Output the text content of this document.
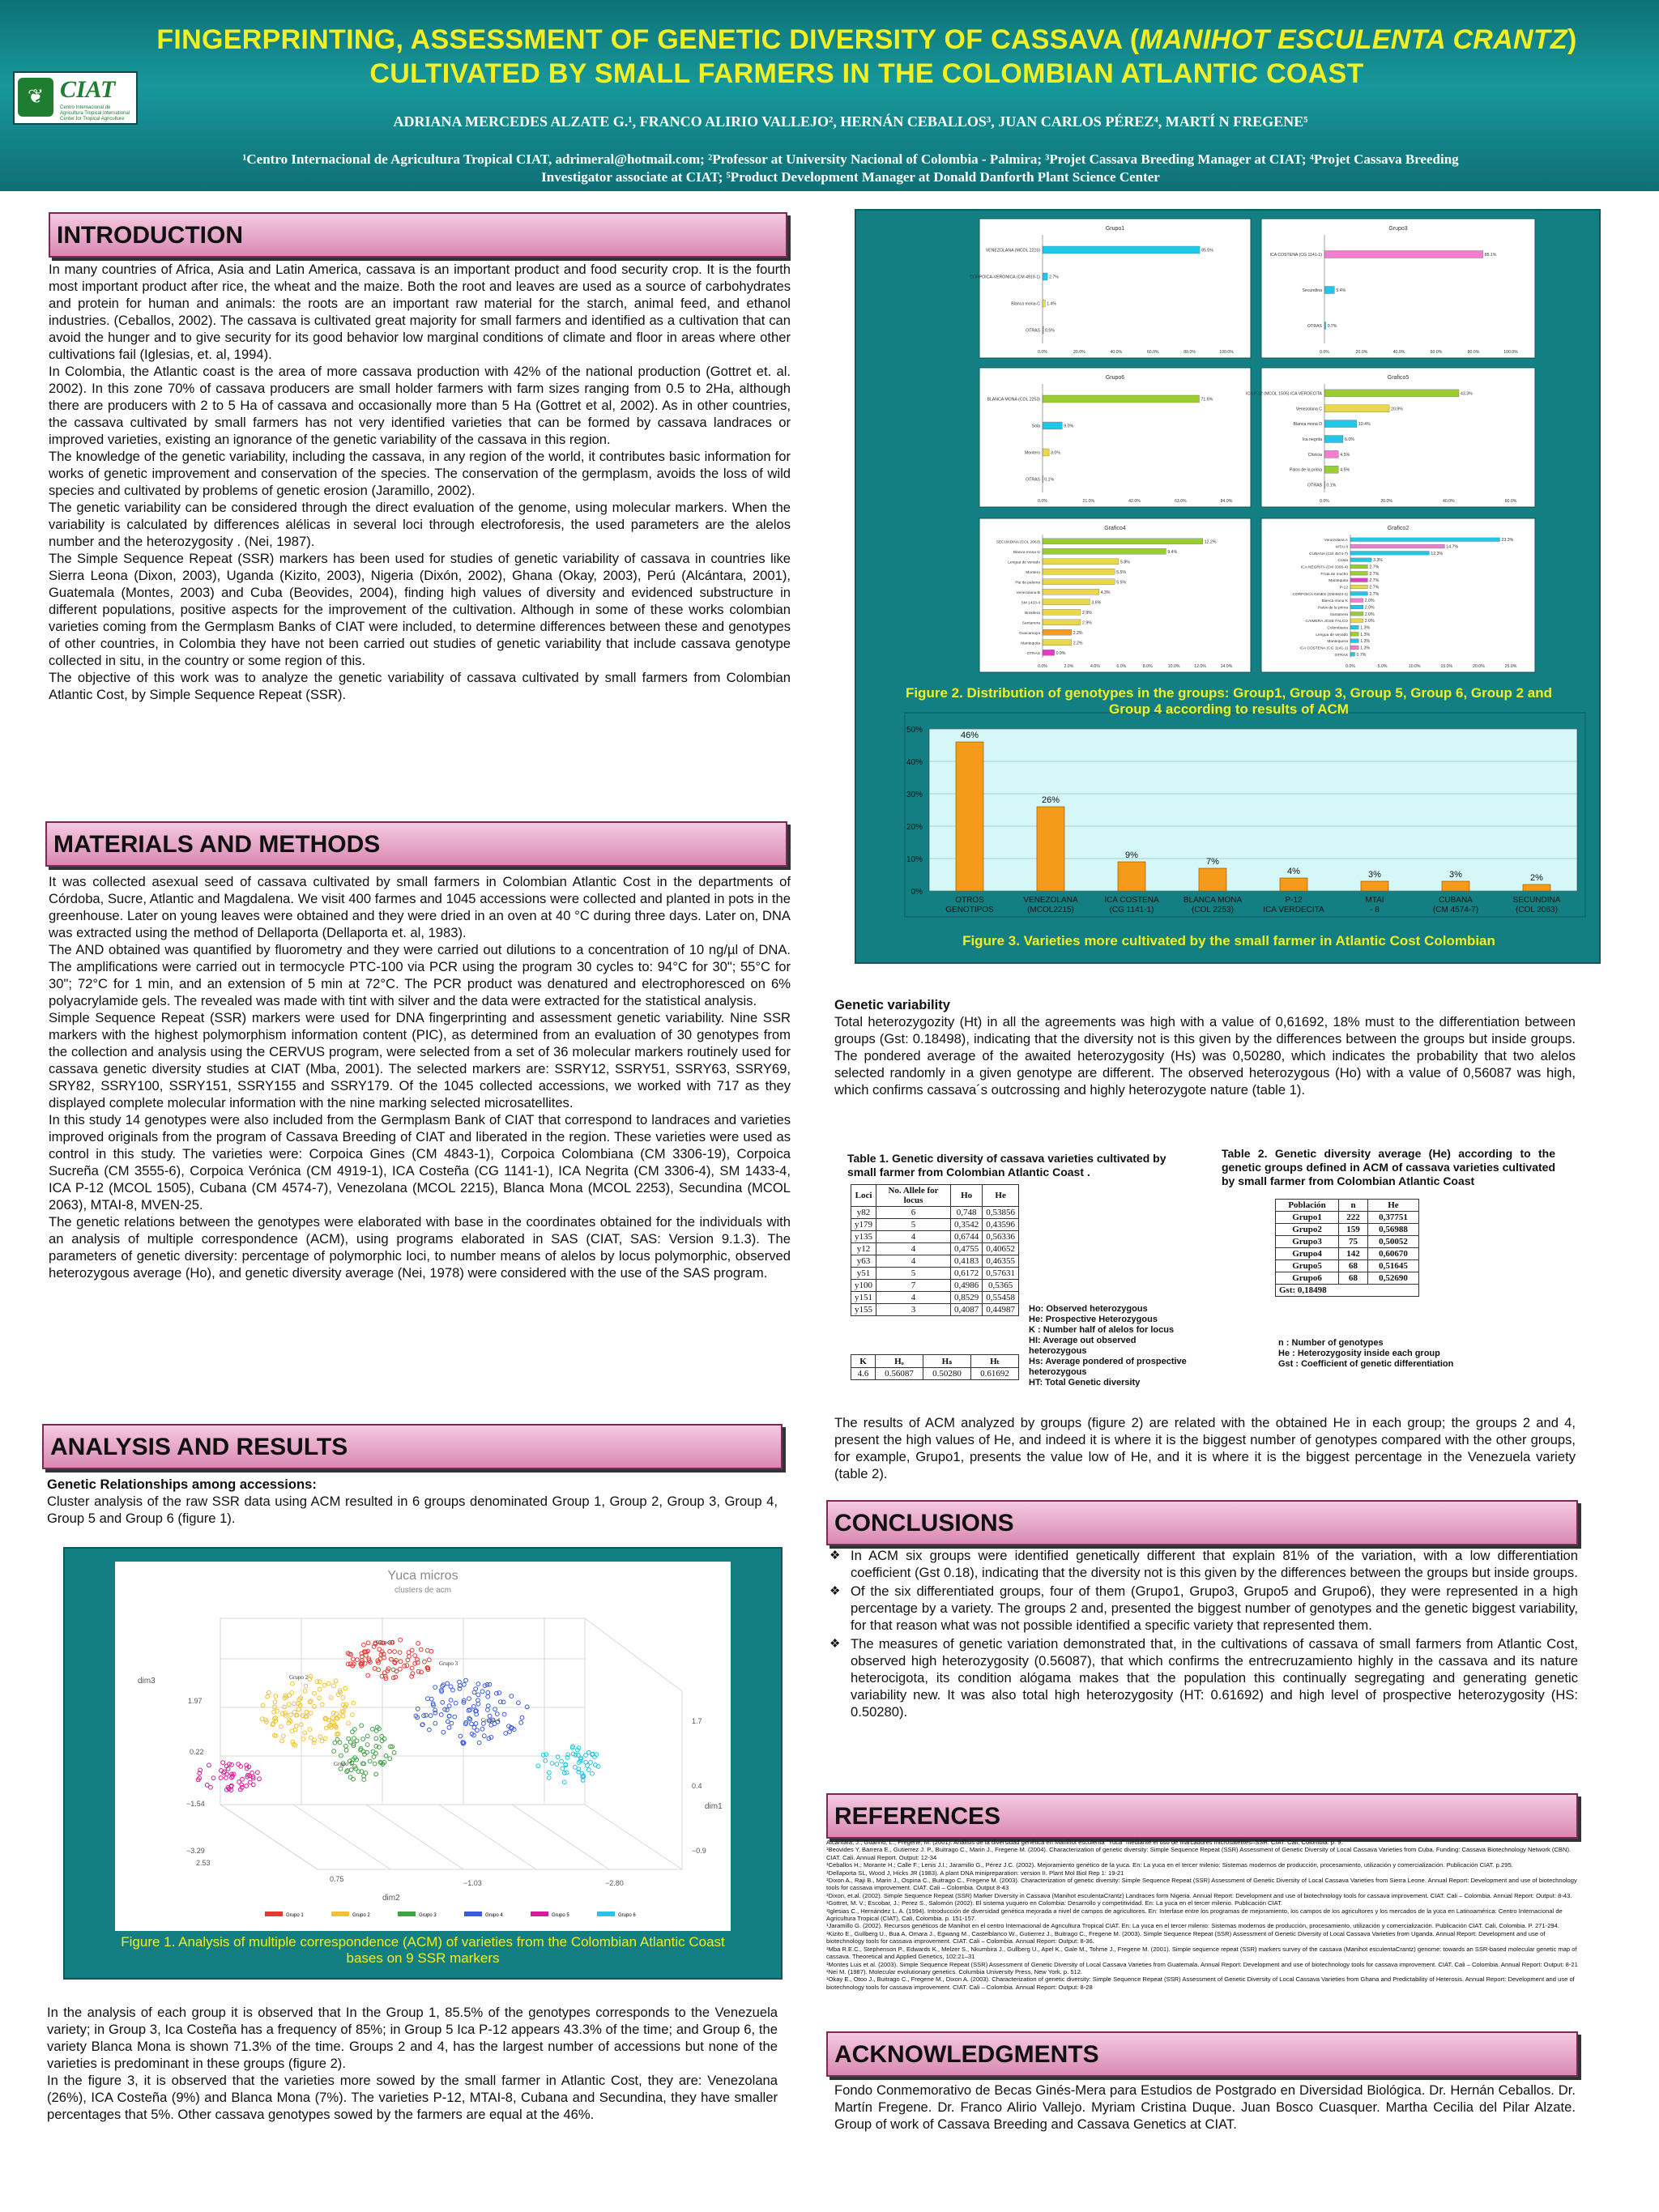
FINGERPRINTING, ASSESSMENT OF GENETIC DIVERSITY OF CASSAVA (MANIHOT ESCULENTA CRANTZ)
CULTIVATED BY SMALL FARMERS IN THE COLOMBIAN ATLANTIC COAST
❦ CIAT
Centro Internacional de Agricultura Tropical International Center for Tropical Agriculture	ADRIANA MERCEDES ALZATE G.¹, FRANCO ALIRIO VALLEJO², HERNÁN CEBALLOS³, JUAN CARLOS PÉREZ⁴, MARTÍ N FREGENE⁵
¹Centro Internacional de Agricultura Tropical CIAT, adrimeral@hotmail.com; ²Professor at University Nacional of Colombia - Palmira; ³Projet Cassava Breeding Manager at CIAT; ⁴Projet Cassava Breeding
Investigator associate at CIAT; ⁵Product Development Manager at Donald Danforth Plant Science Center
INTRODUCTION

In many countries of Africa, Asia and Latin America, cassava is an important product and food security crop. It is the fourth most important product after rice, the wheat and the maize. Both the root and leaves are used as a source of carbohydrates and protein for human and animals: the roots are an important raw material for the starch, animal feed, and ethanol industries. (Ceballos, 2002). The cassava is cultivated great majority for small farmers and identified as a cultivation that can avoid the hunger and to give security for its good behavior low marginal conditions of climate and floor in areas where other cultivations fail (Iglesias, et. al, 1994).

In Colombia, the Atlantic coast is the area of more cassava production with 42% of the national production (Gottret et. al. 2002). In this zone 70% of cassava producers are small holder farmers with farm sizes ranging from 0.5 to 2Ha, although there are producers with 2 to 5 Ha of cassava and occasionally more than 5 Ha (Gottret et al, 2002). As in other countries, the cassava cultivated by small farmers has not very identified varieties that can be formed by cassava landraces or improved varieties, existing an ignorance of the genetic variability of the cassava in this region.

The knowledge of the genetic variability, including the cassava, in any region of the world, it contributes basic information for works of genetic improvement and conservation of the species. The conservation of the germplasm, avoids the loss of wild species and cultivated by problems of genetic erosion (Jaramillo, 2002).

The genetic variability can be considered through the direct evaluation of the genome, using molecular markers. When the variability is calculated by differences alélicas in several loci through electroforesis, the used parameters are the alelos number and the heterozygosity . (Nei, 1987).

The Simple Sequence Repeat (SSR) markers has been used for studies of genetic variability of cassava in countries like Sierra Leona (Dixon, 2003), Uganda (Kizito, 2003), Nigeria (Dixón, 2002), Ghana (Okay, 2003), Perú (Alcántara, 2001), Guatemala (Montes, 2003) and Cuba (Beovides, 2004), finding high values of diversity and evidenced substructure in different populations, positive aspects for the improvement of the cultivation. Although in some of these works colombian varieties coming from the Germplasm Banks of CIAT were included, to determine differences between these and genotypes of other countries, in Colombia they have not been carried out studies of genetic variability that include cassava genotype collected in situ, in the country or some region of this.

The objective of this work was to analyze the genetic variability of cassava cultivated by small farmers from Colombian Atlantic Cost, by Simple Sequence Repeat (SSR).

MATERIALS AND METHODS

It was collected asexual seed of cassava cultivated by small farmers in Colombian Atlantic Cost in the departments of Córdoba, Sucre, Atlantic and Magdalena. We visit 400 farmes and 1045 accessions were collected and planted in pots in the greenhouse. Later on young leaves were obtained and they were dried in an oven at 40 °C during three days. Later on, DNA was extracted using the method of Dellaporta (Dellaporta et. al, 1983).

The AND obtained was quantified by fluorometry and they were carried out dilutions to a concentration of 10 ng/µl of DNA. The amplifications were carried out in termocycle PTC-100 via PCR using the program 30 cycles to: 94°C for 30"; 55°C for 30"; 72°C for 1 min, and an extension of 5 min at 72°C. The PCR product was denatured and electrophoresced on 6% polyacrylamide gels. The revealed was made with tint with silver and the data were extracted for the statistical analysis.

Simple Sequence Repeat (SSR) markers were used for DNA fingerprinting and assessment genetic variability. Nine SSR markers with the highest polymorphism information content (PIC), as determined from an evaluation of 30 genotypes from the collection and analysis using the CERVUS program, were selected from a set of 36 molecular markers routinely used for cassava genetic diversity studies at CIAT (Mba, 2001). The selected markers are: SSRY12, SSRY51, SSRY63, SSRY69, SRY82, SSRY100, SSRY151, SSRY155 and SSRY179. Of the 1045 collected accessions, we worked with 717 as they displayed complete molecular information with the nine marking selected microsatellites.

In this study 14 genotypes were also included from the Germplasm Bank of CIAT that correspond to landraces and varieties improved originals from the program of Cassava Breeding of CIAT and liberated in the region. These varieties were used as control in this study. The varieties were: Corpoica Gines (CM 4843-1), Corpoica Colombiana (CM 3306-19), Corpoica Sucreña (CM 3555-6), Corpoica Verónica (CM 4919-1), ICA Costeña (CG 1141-1), ICA Negrita (CM 3306-4), SM 1433-4, ICA P-12 (MCOL 1505), Cubana (CM 4574-7), Venezolana (MCOL 2215), Blanca Mona (MCOL 2253), Secundina (MCOL 2063), MTAI-8, MVEN-25.

The genetic relations between the genotypes were elaborated with base in the coordinates obtained for the individuals with an analysis of multiple correspondence (ACM), using programs elaborated in SAS (CIAT, SAS: Version 9.1.3). The parameters of genetic diversity: percentage of polymorphic loci, to number means of alelos by locus polymorphic, observed heterozygous average (Ho), and genetic diversity average (Nei, 1978) were considered with the use of the SAS program.

ANALYSIS AND RESULTS

Genetic Relationships among accessions:

Cluster analysis of the raw SSR data using ACM resulted in 6 groups denominated Group 1, Group 2, Group 3, Group 4, Group 5 and Group 6 (figure 1).

Yuca micros
clusters de acm
dim3
dim2
dim1
1.97
0.22
−1.54
−3.29
2.53
0.75	−1.03	−2.80
1.7
0.4
−0.9
Grupo 1
Grupo 2
Grupo 3
Grupo 4
Grupo 5
Grupo 1	Grupo 2	Grupo 3	Grupo 4	Grupo 5	Grupo 6
Figure 1. Analysis of multiple correspondence (ACM) of varieties from the Colombian Atlantic Coast bases on 9 SSR markers

In the analysis of each group it is observed that In the Group 1, 85.5% of the genotypes corresponds to the Venezuela variety; in Group 3, Ica Costeña has a frequency of 85%; in Group 5 Ica P-12 appears 43.3% of the time; and Group 6, the variety Blanca Mona is shown 71.3% of the time. Groups 2 and 4, has the largest number of accessions but none of the varieties is predominant in these groups (figure 2).

In the figure 3, it is observed that the varieties more sowed by the small farmer in Atlantic Cost, they are: Venezolana (26%), ICA Costeña (9%) and Blanca Mona (7%). The varieties P-12, MTAI-8, Cubana and Secundina, they have smaller percentages that 5%. Other cassava genotypes sowed by the farmers are equal at the 46%.

Grupo1
VENEZOLANA (MCOL 2215)	85.5%
CORPOICA-VERONICA (CM 4919-1) 2.7%
Blanca mona-C 1.4%
OTRAS 0.5%
0.0%	20.0%	40.0%	60.0%	80.0%	100.0%
Grupo3
ICA COSTENA (CG 1141-1)	85.1%
Secundina	5.4%
OTRAS 0.7%
0.0%	20.0%	40.0%	60.0%	80.0%	100.0%
Grupo6
BLANCA MONA (COL 2253)	71.6%
Sola	9.0%
Montero	3.0%
OTRAS 0.1%
0.0%	21.0%	42.0%	63.0%	84.0%
Grafico5
ICA P-12 (MCOL 1505) ICA VERDECITA	43.3%
Venezolana C	20.9%
Blanca mona D	10.4%
Ica negrita	6.0%
Chiricia	4.5%
Palos de la prima	4.5%
OTRAS 0.1%
0.0%	20.0%	40.0%	60.0%
Grafico4
SECUNDINA (COL 2063)	12.2%
Blanca mona G	9.4%
Lengua de venado	5.8%
Montero	5.5%
Pie de paloma	5.5%
Venezolana B	4.3%
SM 1433-4	3.6%
Brasilera	2.9%
Santanera	2.9%
Guacamaya	2.2%
Mantequita	2.2%
OTRAS	0.9%
0.0%	2.0%	4.0%	6.0%	8.0%	10.0%	12.0%	14.0%
Grafico2
Venezolana A	23.3%
MTAI 8	14.7%
CUBANA (CM 4574-7)	12.3%
Costa	3.3%
ICA NEGRITA (CM 3306-4)	2.7%
Fruta de mucho	2.7%
Mantequita	2.7%
P-12	2.7%
CORPOICA GINES (CM4843-1)	2.7%
Blanca mona K	2.0%
Palos de la prima	2.0%
Santanera	2.0%
CAIMERA JOSE FALCO	2.0%
Colombiana	1.3%
Lengua de venado	1.3%
Mantequera	1.3%
ICA COSTENA (CG 1141-1)	1.3%
OTRAS 0.7%
0.0%	5.0%	10.0%	15.0%	20.0%	25.0%
0%
10%
20%
30%
40%
50%
46%
OTROS
GENOTIPOS
26%
VENEZOLANA
(MCOL2215)
9%
ICA COSTENA
(CG 1141-1)
7%
BLANCA MONA
(COL 2253)
4%
P-12
ICA VERDECITA
3%
MTAI
- 8
3%
CUBANA
(CM 4574-7)
2%
SECUNDINA
(COL 2063)
Figure 2. Distribution of genotypes in the groups: Group1, Group 3, Group 5, Group 6, Group 2 and Group 4 according to results of ACM
Figure 3. Varieties more cultivated by the small farmer in Atlantic Cost Colombian

Genetic variability

Total heterozygozity (Ht) in all the agreements was high with a value of 0,61692, 18% must to the differentiation between groups (Gst: 0.18498), indicating that the diversity not is this given by the differences between the groups but inside groups. The pondered average of the awaited heterozygosity (Hs) was 0,50280, which indicates the probability that two alelos selected randomly in a given genotype are different. The observed heterozygous (Ho) with a value of 0,56087 was high, which confirms cassava´s outcrossing and highly heterozygote nature (table 1).

Table 1. Genetic diversity of cassava varieties cultivated by small farmer from Colombian Atlantic Coast .
Loci	No. Allele for locus	Ho	He
y82	6	0,748	0,53856
y179	5	0,3542	0,43596
y135	4	0,6744	0,56336
y12	4	0,4755	0,40652
y63	4	0,4183	0,46355
y51	5	0,6172	0,57631
y100	7	0,4986	0,5365
y151	4	0,8529	0,55458
y155	3	0,4087	0,44987
K	Hₒ	Hₛ	Hₜ
4.6	0.56087	0.50280	0.61692
Ho: Observed heterozygous
He: Prospective Heterozygous
K : Number half of alelos for locus
HI: Average out observed heterozygous
Hs: Average pondered of prospective heterozygous
HT: Total Genetic diversity
Table 2. Genetic diversity average (He) according to the genetic groups defined in ACM of cassava varieties cultivated by small farmer from Colombian Atlantic Coast
Población	n	He
Grupo1	222	0,37751
Grupo2	159	0,56988
Grupo3	75	0,50052
Grupo4	142	0,60670
Grupo5	68	0,51645
Grupo6	68	0,52690
Gst: 0,18498		
n : Number of genotypes
He : Heterozygosity inside each group
Gst : Coefficient of genetic differentiation

The results of ACM analyzed by groups (figure 2) are related with the obtained He in each group; the groups 2 and 4, present the high values of He, and indeed it is where it is the biggest number of genotypes compared with the other groups, for example, Grupo1, presents the value low of He, and it is where it is the biggest percentage in the Venezuela variety (table 2).

CONCLUSIONS
❖ In ACM six groups were identified genetically different that explain 81% of the variation, with a low differentiation coefficient (Gst 0.18), indicating that the diversity not is this given by the differences between the groups but inside groups.
❖ Of the six differentiated groups, four of them (Grupo1, Grupo3, Grupo5 and Grupo6), they were represented in a high percentage by a variety. The groups 2 and, presented the biggest number of genotypes and the genetic biggest variability, for that reason what was not possible identified a specific variety that represented them.
❖ The measures of genetic variation demonstrated that, in the cultivations of cassava of small farmers from Atlantic Cost, observed high heterozygosity (0.56087), that which confirms the entrecruzamiento highly in the cassava and its nature heterocigota, its condition alógama makes that the population this continually segregating and generating genetic variability new. It was also total high heterozygosity (HT: 0.61692) and high level of prospective heterozygosity (HS: 0.50280).
REFERENCES

Alcántara, J., Guarino, L., Fregene, M. (2001). Análisis de la diversidad genética en Manihot esculenta "Yuca" mediante el uso de marcadores microsatélites–SSR. CIAT. Cali, Colombia. p. 9.

¹Beovides Y, Barrera E., Gutierrez J. P., Buitrago C., Marin J., Fregene M. (2004). Characterization of genetic diversity: Simple Sequence Repeat (SSR) Assessment of Genetic Diversity of Local Cassava Varieties from Cuba. Funding: Cassava Biotechnology Network (CBN). CIAT. Cali. Annual Report. Output: 12-34

¹Ceballos H.; Morante H.; Calle F.; Lenis J.I.; Jaramillo G., Pérez J.C. (2002). Mejoramiento genético de la yuca. En: La yuca en el tercer milenio: Sistemas modernos de producción, procesamiento, utilización y comercialización. Publicación CIAT. p.295.

¹Dellaporta SL, Wood J, Hicks JR (1983). A plant DNA minipreparation: version II. Plant Mol Biol Rep 1: 19-21

¹Dixon A., Raji B., Marin J., Ospina C., Buitrago C., Fregene M. (2003). Characterization of genetic diversity: Simple Sequence Repeat (SSR) Assessment of Genetic Diversity of Local Cassava Varieties from Sierra Leone. Annual Report: Development and use of biotechnology tools for cassava improvement. CIAT. Cali – Colombia. Output 8-43

¹Dixon, et.al. (2002). Simple Sequence Repeat (SSR) Marker Diversity in Cassava (Manihot esculentaCrantz) Landraces form Nigeria. Annual Report: Development and use of biotechnology tools for cassava improvement. CIAT. Cali – Colombia. Annual Report: Output: 8-43.

¹Gottret, M. V.; Escobar, J.; Perez S., Salomón (2002). El sistema yuquero en Colombia: Desarrollo y competitividad. En: La yuca en el tercer milenio. Publicación CIAT.

¹Iglesias C., Hernández L. A. (1994). Introducción de diversidad genética mejorada a nivel de campos de agricultores. En: Interfase entre los programas de mejoramiento, los campos de los agricultores y los mercados de la yuca en Latinoamérica: Centro Internacional de Agricultura Tropical (CIAT), Cali, Colombia. p. 151-157.

¹Jaramillo G. (2002). Recursos genéticos de Manihot en el centro Internacional de Agricultura Tropical CIAT. En: La yuca en el tercer milenio: Sistemas modernos de producción, procesamiento, utilización y comercialización. Publicación CIAT. Cali, Colombia. P. 271-294.

¹Kizito E., Gullberg U., Bua A, Omara J., Egwang M., Castelblanco W., Gutierrez J., Buitrago C., Fregene M. (2003). Simple Sequence Repeat (SSR) Assessment of Genetic Diversity of Local Cassava Varieties from Uganda. Annual Report: Development and use of biotechnology tools for cassava improvement. CIAT. Cali – Colombia. Annual Report: Output: 8-36.

¹Mba R.E.C., Stephenson P., Edwards K., Melzer S., Nkumbira J., Gullberg U., Apel K., Gale M., Tohme J., Fregene M. (2001). Simple sequence repeat (SSR) markers survey of the cassava (Manihot esculentaCrantz) genome: towards an SSR-based molecular genetic map of cassava. Theoretical and Applied Genetics, 102:21–31

¹Montes Luis et al. (2003). Simple Sequence Repeat (SSR) Assessment of Genetic Diversity of Local Cassava Varieties from Guatemala. Annual Report: Development and use of biotechnology tools for cassava improvement. CIAT. Cali – Colombia. Annual Report: Output: 8-21

¹Nei M. (1987). Molecular evolutionary genetics. Columbia University Press, New York. p. 512.

¹Okay E., Otoo J., Buitrago C., Fregene M., Dixon A. (2003). Characterization of genetic diversity: Simple Sequence Repeat (SSR) Assessment of Genetic Diversity of Local Cassava Varieties from Ghana and Predictability of Heterosis. Annual Report: Development and use of biotechnology tools for cassava improvement. CIAT. Cali – Colombia. Annual Report: Output: 8-28

ACKNOWLEDGMENTS
Fondo Conmemorativo de Becas Ginés-Mera para Estudios de Postgrado en Diversidad Biológica. Dr. Hernán Ceballos. Dr. Martín Fregene. Dr. Franco Alirio Vallejo. Myriam Cristina Duque. Juan Bosco Cuasquer. Martha Cecilia del Pilar Alzate. Group of work of Cassava Breeding and Cassava Genetics at CIAT.
